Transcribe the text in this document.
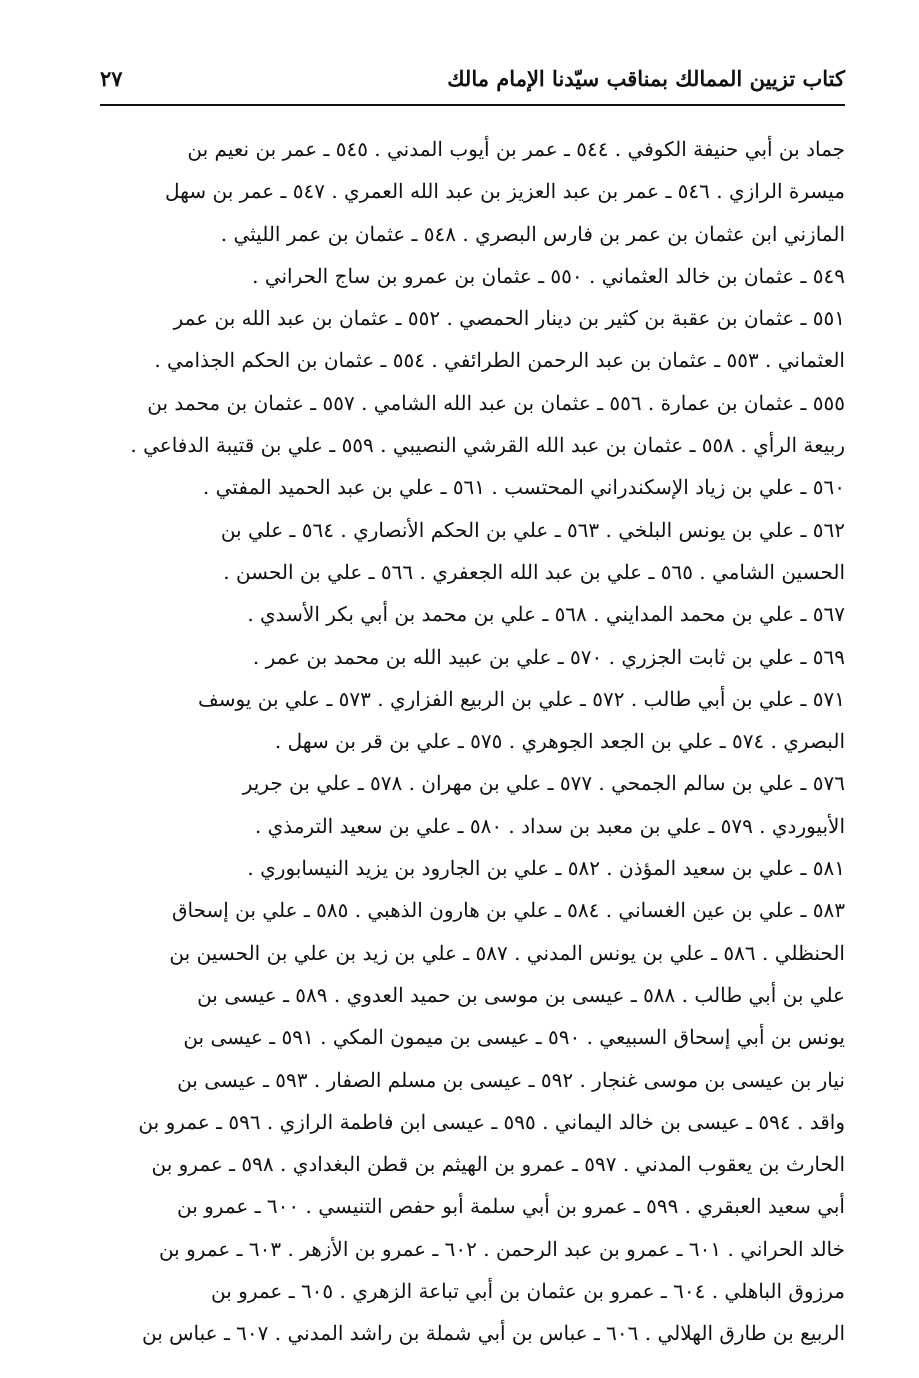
كتاب تزيين الممالك بمناقب سيّدنا الإمام مالك
٢٧
جماد بن أبي حنيفة الكوفي . ٥٤٤ ـ عمر بن أيوب المدني . ٥٤٥ ـ عمر بن نعيم بن
ميسرة الرازي . ٥٤٦ ـ عمر بن عبد العزيز بن عبد الله العمري . ٥٤٧ ـ عمر بن سهل
المازني ابن عثمان بن عمر بن فارس البصري . ٥٤٨ ـ عثمان بن عمر الليثي .
٥٤٩ ـ عثمان بن خالد العثماني . ٥٥٠ ـ عثمان بن عمرو بن ساج الحراني .
٥٥١ ـ عثمان بن عقبة بن كثير بن دينار الحمصي . ٥٥٢ ـ عثمان بن عبد الله بن عمر
العثماني . ٥٥٣ ـ عثمان بن عبد الرحمن الطرائفي . ٥٥٤ ـ عثمان بن الحكم الجذامي .
٥٥٥ ـ عثمان بن عمارة . ٥٥٦ ـ عثمان بن عبد الله الشامي . ٥٥٧ ـ عثمان بن محمد بن
ربيعة الرأي . ٥٥٨ ـ عثمان بن عبد الله القرشي النصيبي . ٥٥٩ ـ علي بن قتيبة الدفاعي .
٥٦٠ ـ علي بن زياد الإسكندراني المحتسب . ٥٦١ ـ علي بن عبد الحميد المفتي .
٥٦٢ ـ علي بن يونس البلخي . ٥٦٣ ـ علي بن الحكم الأنصاري . ٥٦٤ ـ علي بن
الحسين الشامي . ٥٦٥ ـ علي بن عبد الله الجعفري . ٥٦٦ ـ علي بن الحسن .
٥٦٧ ـ علي بن محمد المدايني . ٥٦٨ ـ علي بن محمد بن أبي بكر الأسدي .
٥٦٩ ـ علي بن ثابت الجزري . ٥٧٠ ـ علي بن عبيد الله بن محمد بن عمر .
٥٧١ ـ علي بن أبي طالب . ٥٧٢ ـ علي بن الربيع الفزاري . ٥٧٣ ـ علي بن يوسف
البصري . ٥٧٤ ـ علي بن الجعد الجوهري . ٥٧٥ ـ علي بن قر بن سهل .
٥٧٦ ـ علي بن سالم الجمحي . ٥٧٧ ـ علي بن مهران . ٥٧٨ ـ علي بن جرير
الأبيوردي . ٥٧٩ ـ علي بن معبد بن سداد . ٥٨٠ ـ علي بن سعيد الترمذي .
٥٨١ ـ علي بن سعيد المؤذن . ٥٨٢ ـ علي بن الجارود بن يزيد النيسابوري .
٥٨٣ ـ علي بن عين الغساني . ٥٨٤ ـ علي بن هارون الذهبي . ٥٨٥ ـ علي بن إسحاق
الحنظلي . ٥٨٦ ـ علي بن يونس المدني . ٥٨٧ ـ علي بن زيد بن علي بن الحسين بن
علي بن أبي طالب . ٥٨٨ ـ عيسى بن موسى بن حميد العدوي . ٥٨٩ ـ عيسى بن
يونس بن أبي إسحاق السبيعي . ٥٩٠ ـ عيسى بن ميمون المكي . ٥٩١ ـ عيسى بن
نيار بن عيسى بن موسى غنجار . ٥٩٢ ـ عيسى بن مسلم الصفار . ٥٩٣ ـ عيسى بن
واقد . ٥٩٤ ـ عيسى بن خالد اليماني . ٥٩٥ ـ عيسى ابن فاطمة الرازي . ٥٩٦ ـ عمرو بن
الحارث بن يعقوب المدني . ٥٩٧ ـ عمرو بن الهيثم بن قطن البغدادي . ٥٩٨ ـ عمرو بن
أبي سعيد العبقري . ٥٩٩ ـ عمرو بن أبي سلمة أبو حفص التنيسي . ٦٠٠ ـ عمرو بن
خالد الحراني . ٦٠١ ـ عمرو بن عبد الرحمن . ٦٠٢ ـ عمرو بن الأزهر . ٦٠٣ ـ عمرو بن
مرزوق الباهلي . ٦٠٤ ـ عمرو بن عثمان بن أبي تباعة الزهري . ٦٠٥ ـ عمرو بن
الربيع بن طارق الهلالي . ٦٠٦ ـ عباس بن أبي شملة بن راشد المدني . ٦٠٧ ـ عباس بن
